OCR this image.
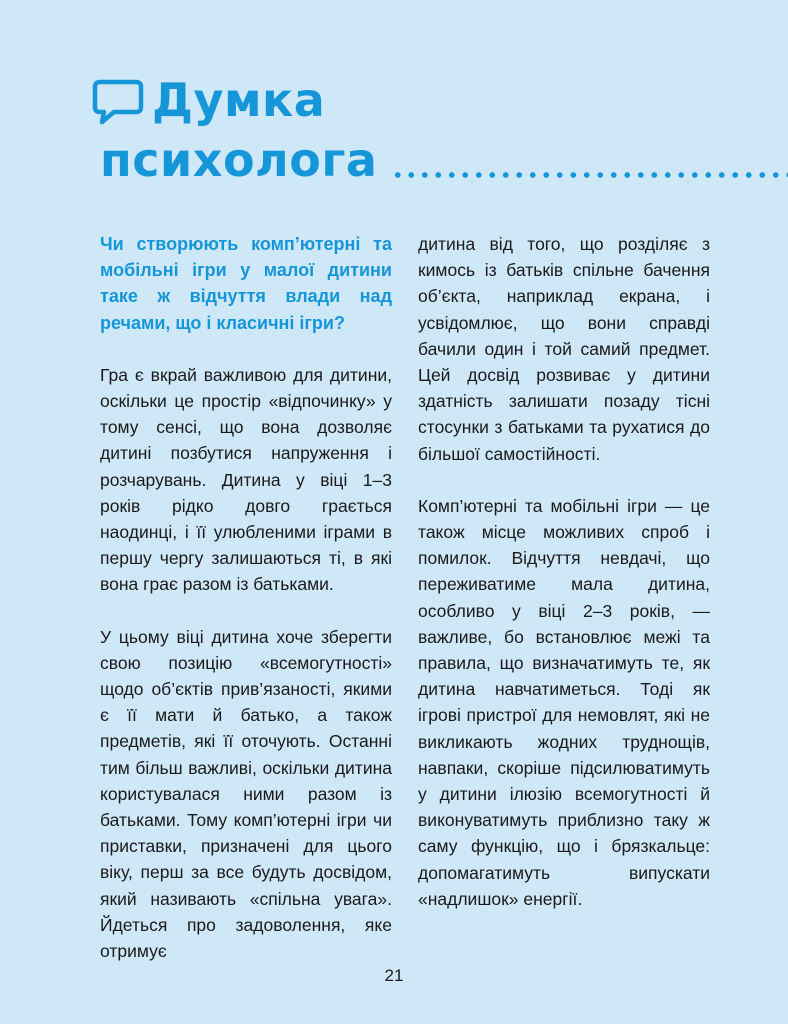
Думка
психолога

Чи створюють комп’ютерні та мобільні ігри у малої дитини таке ж відчуття влади над речами, що і класичні ігри?

Гра є вкрай важливою для дитини, оскільки це простір «відпочинку» у тому сенсі, що вона дозволяє дитині позбутися напруження і розчарувань. Дитина у віці 1–3 років рідко довго грається наодинці, і її улюбленими іграми в першу чергу залишаються ті, в які вона грає разом із батьками.

У цьому віці дитина хоче зберегти свою позицію «всемогутності» щодо об’єктів прив’язаності, якими є її мати й батько, а також предметів, які її оточують. Останні тим більш важливі, оскільки дитина користувалася ними разом із батьками. Тому комп’ютерні ігри чи приставки, призначені для цього віку, перш за все будуть досвідом, який називають «спільна увага». Йдеться про задоволення, яке отримує

дитина від того, що розділяє з кимось із батьків спільне бачення об’єкта, наприклад екрана, і усвідомлює, що вони справді бачили один і той самий предмет. Цей досвід розвиває у дитини здатність залишати позаду тісні стосунки з батьками та рухатися до більшої самостійності.

Комп’ютерні та мобільні ігри — це також місце можливих спроб і помилок. Відчуття невдачі, що переживатиме мала дитина, особливо у віці 2–3 років, — важливе, бо встановлює межі та правила, що визначатимуть те, як дитина навчатиметься. Тоді як ігрові пристрої для немовлят, які не викликають жодних труднощів, навпаки, скоріше підсилюватимуть у дитини ілюзію всемогутності й виконуватимуть приблизно таку ж саму функцію, що і брязкальце: допомагатимуть випускати «надлишок» енергії.

21
